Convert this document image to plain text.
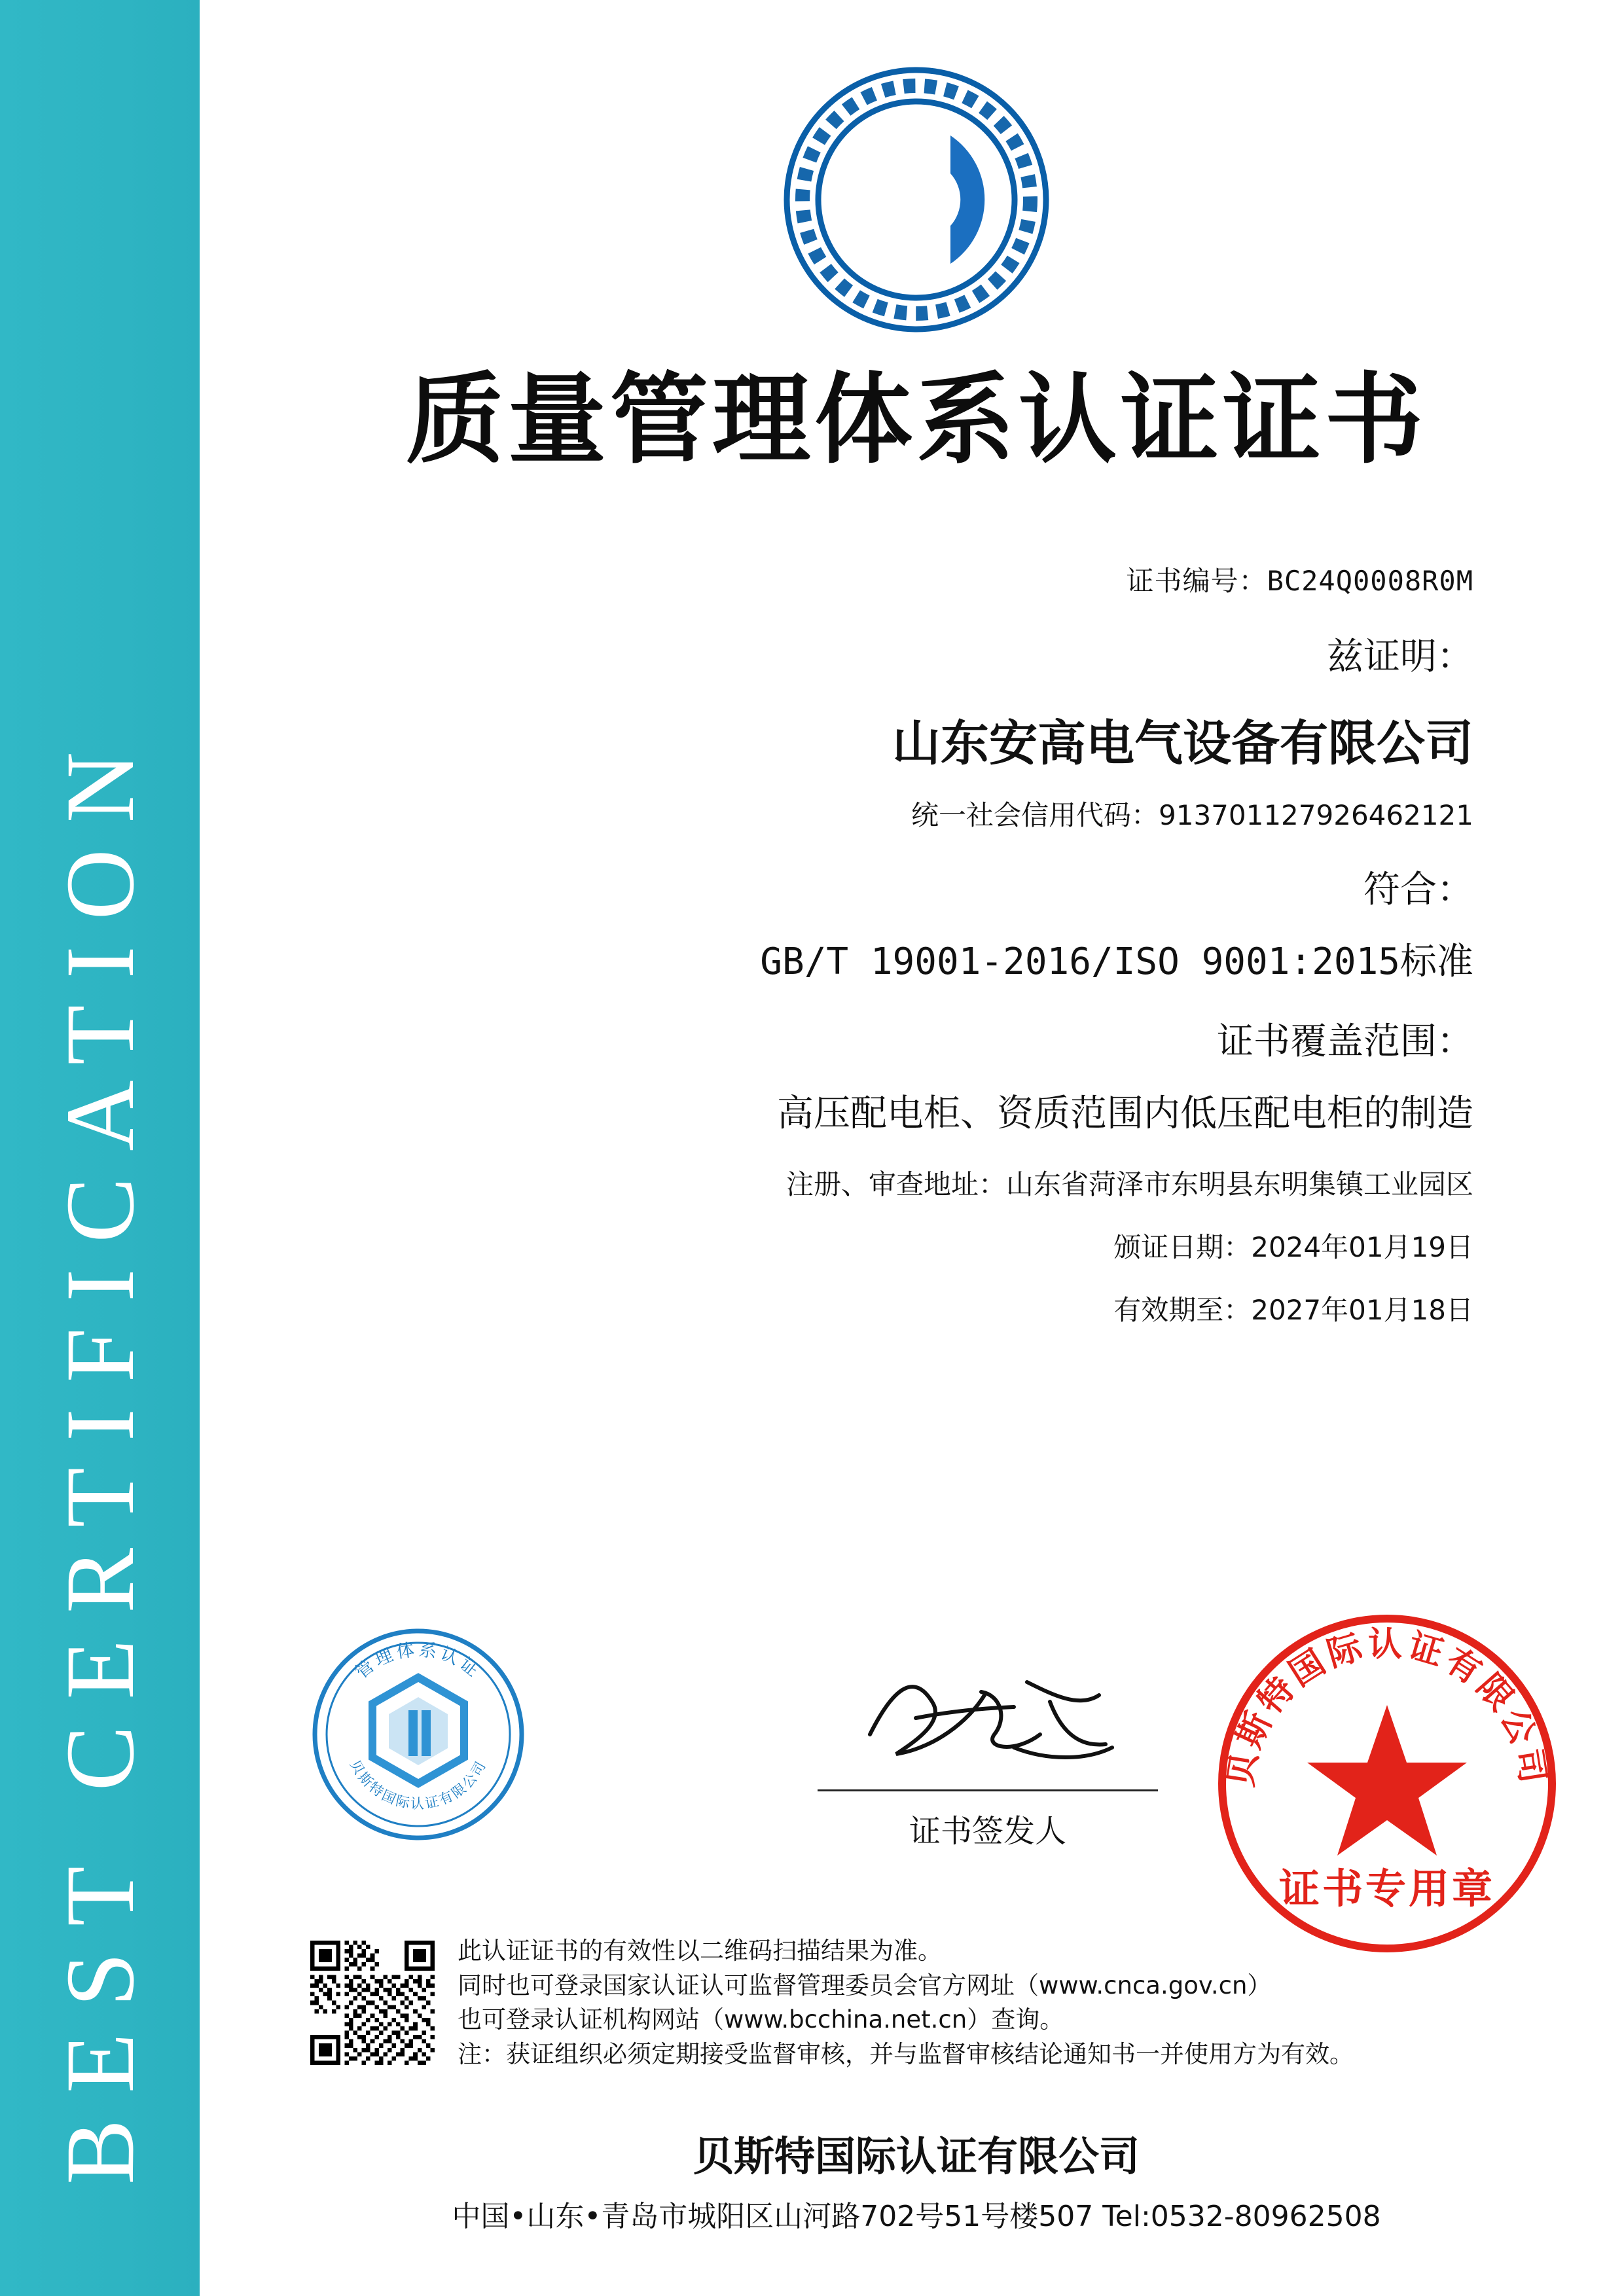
BEST CERTIFICATION
质量管理体系认证证书
证书编号：BC24Q0008R0M
兹证明：
山东安高电气设备有限公司
统一社会信用代码：913701127926462121
符合：
GB/T 19001-2016/ISO 9001:2015标准
证书覆盖范围：
高压配电柜、资质范围内低压配电柜的制造
注册、审查地址：山东省菏泽市东明县东明集镇工业园区
颁证日期：2024年01月19日
有效期至：2027年01月18日
管理体系认证
贝斯特国际认证有限公司
证书签发人
贝斯特国际认证有限公司
证书专用章
此认证证书的有效性以二维码扫描结果为准。
同时也可登录国家认证认可监督管理委员会官方网址（www.cnca.gov.cn）
也可登录认证机构网站（www.bcchina.net.cn）查询。
注：获证组织必须定期接受监督审核，并与监督审核结论通知书一并使用方为有效。
贝斯特国际认证有限公司
中国•山东•青岛市城阳区山河路702号51号楼507 Tel:0532-80962508
